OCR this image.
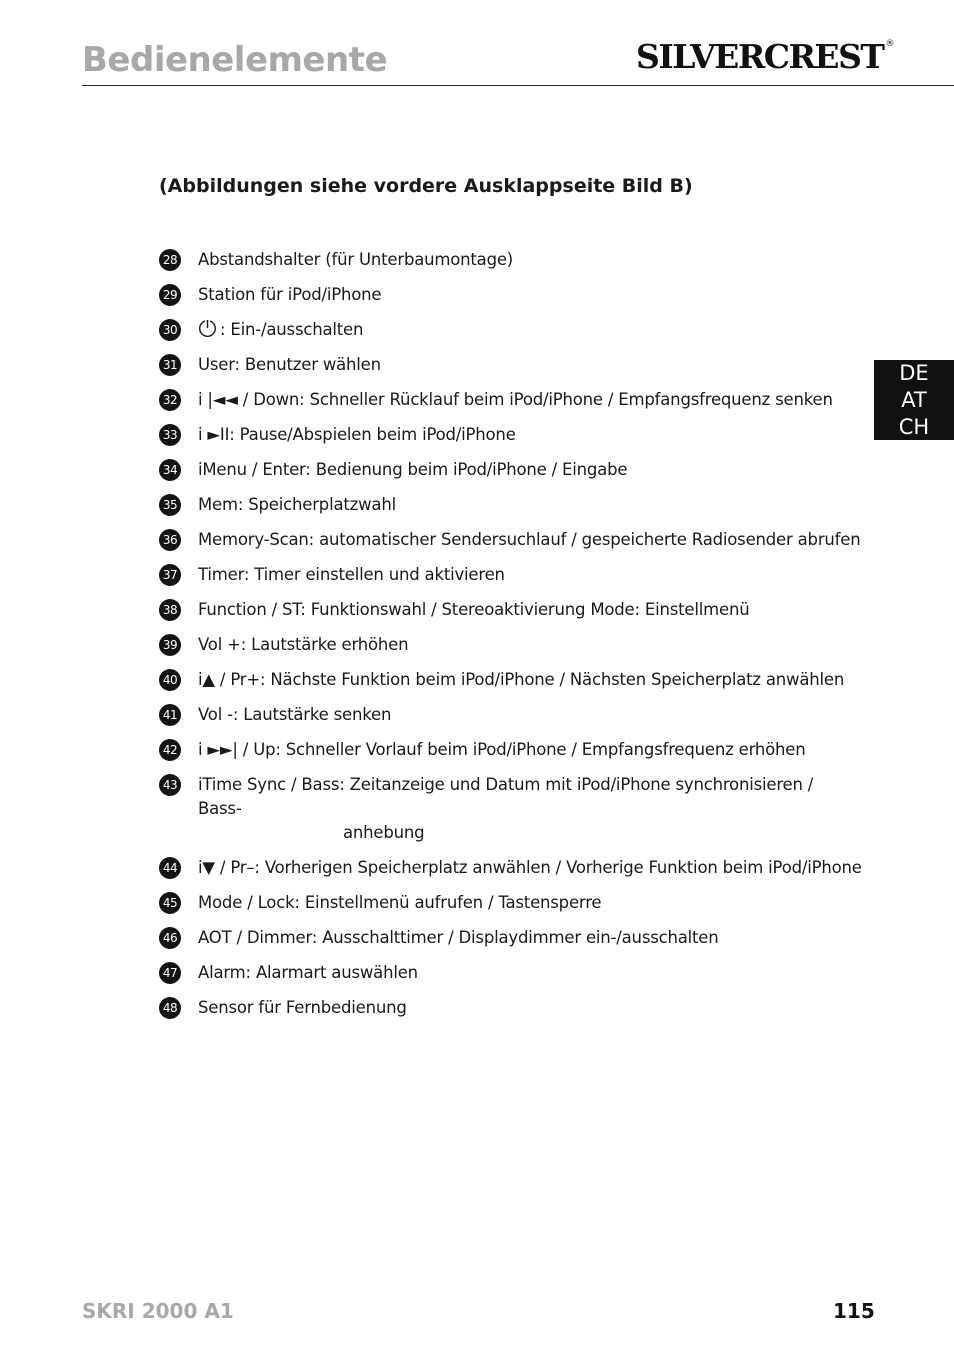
Bedienelemente	SILVERCREST ®
(Abbildungen siehe vordere Ausklappseite Bild B)
28 Abstandshalter (für Unterbaumontage)
29 Station für iPod/iPhone
30	: Ein-/ausschalten
31 User: Benutzer wählen
32 i |◄◄ / Down: Schneller Rücklauf beim iPod/iPhone / Empfangsfrequenz senken
33 i ►II: Pause/Abspielen beim iPod/iPhone
34 iMenu / Enter: Bedienung beim iPod/iPhone / Eingabe
35 Mem: Speicherplatzwahl
36 Memory-Scan: automatischer Sendersuchlauf / gespeicherte Radiosender abrufen
37 Timer: Timer einstellen und aktivieren
38 Function / ST: Funktionswahl / Stereoaktivierung Mode: Einstellmenü
39 Vol +: Lautstärke erhöhen
40 i▲ / Pr+: Nächste Funktion beim iPod/iPhone / Nächsten Speicherplatz anwählen
41 Vol -: Lautstärke senken
42 i ►►| / Up: Schneller Vorlauf beim iPod/iPhone / Empfangsfrequenz erhöhen
43 iTime Sync / Bass: Zeitanzeige und Datum mit iPod/iPhone synchronisieren / Bass-
anhebung
44 i▼ / Pr–: Vorherigen Speicherplatz anwählen / Vorherige Funktion beim iPod/iPhone
45 Mode / Lock: Einstellmenü aufrufen / Tastensperre
46 AOT / Dimmer: Ausschalttimer / Displaydimmer ein-/ausschalten
47 Alarm: Alarmart auswählen
48 Sensor für Fernbedienung
DE
AT
CH
SKRI 2000 A1	115
